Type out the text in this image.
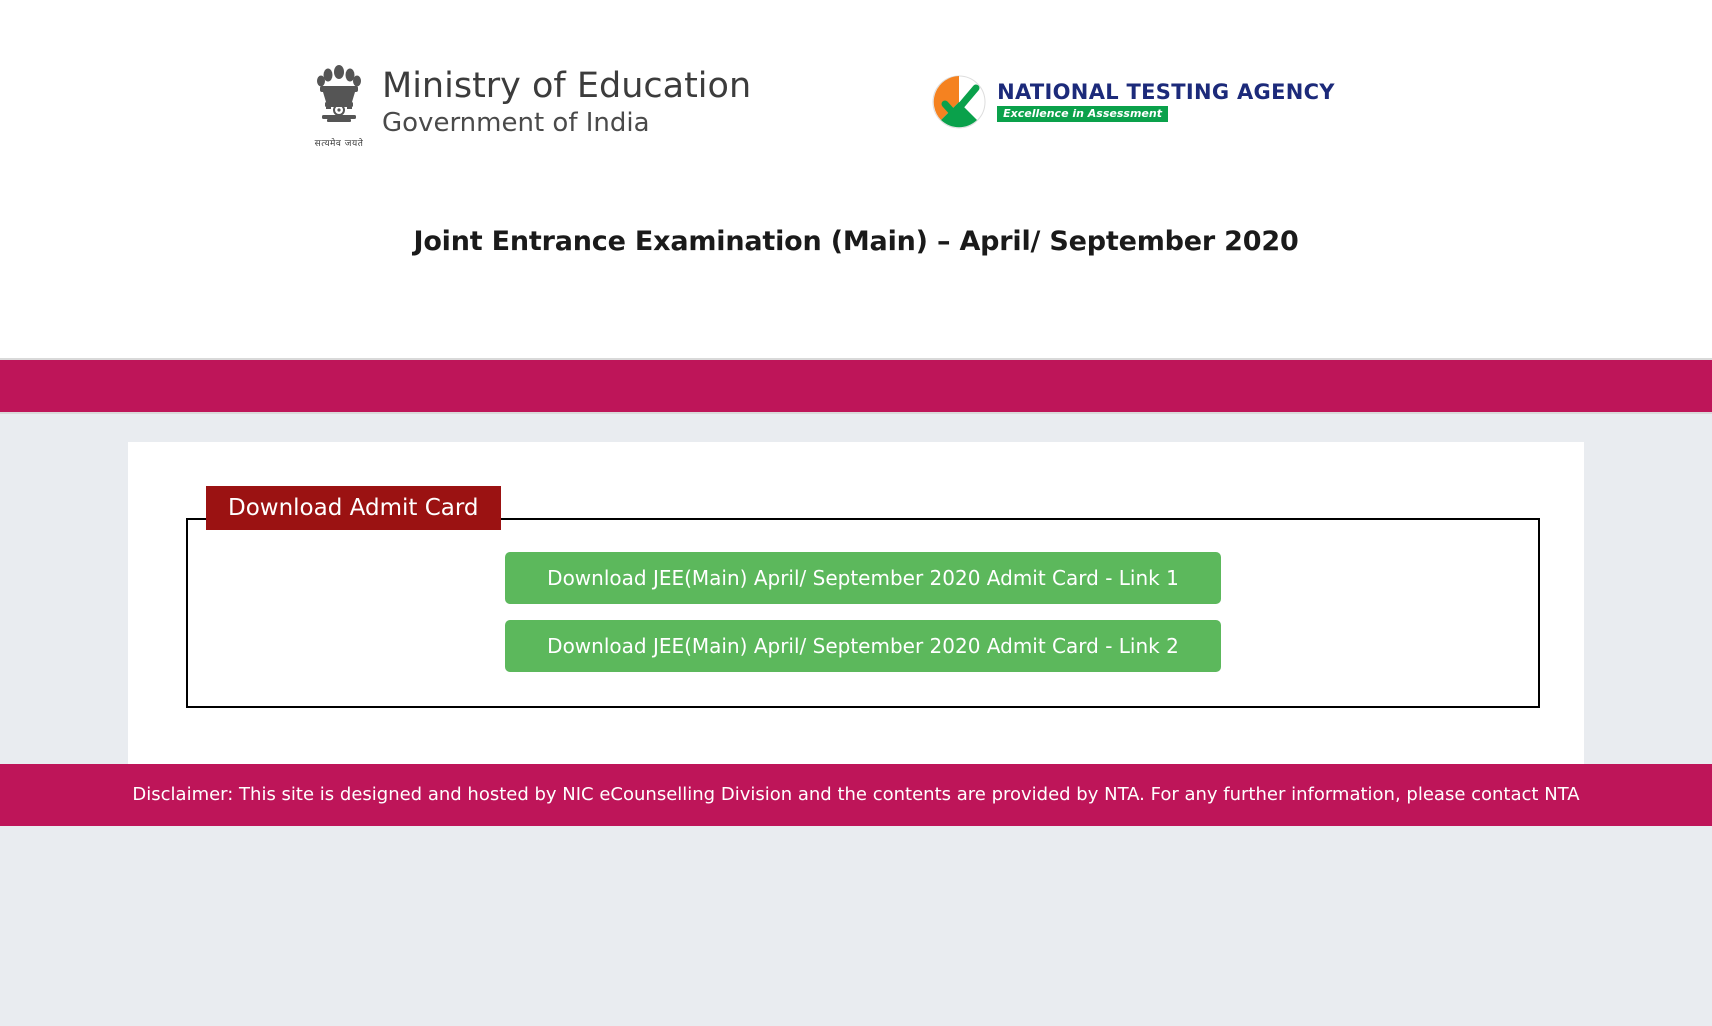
सत्यमेव जयते
Ministry of Education
Government of India
NATIONAL TESTING AGENCY
Excellence in Assessment
Joint Entrance Examination (Main) – April/ September 2020
Download Admit Card
Download JEE(Main) April/ September 2020 Admit Card - Link 1
Download JEE(Main) April/ September 2020 Admit Card - Link 2
Disclaimer: This site is designed and hosted by NIC eCounselling Division and the contents are provided by NTA. For any further information, please contact NTA
